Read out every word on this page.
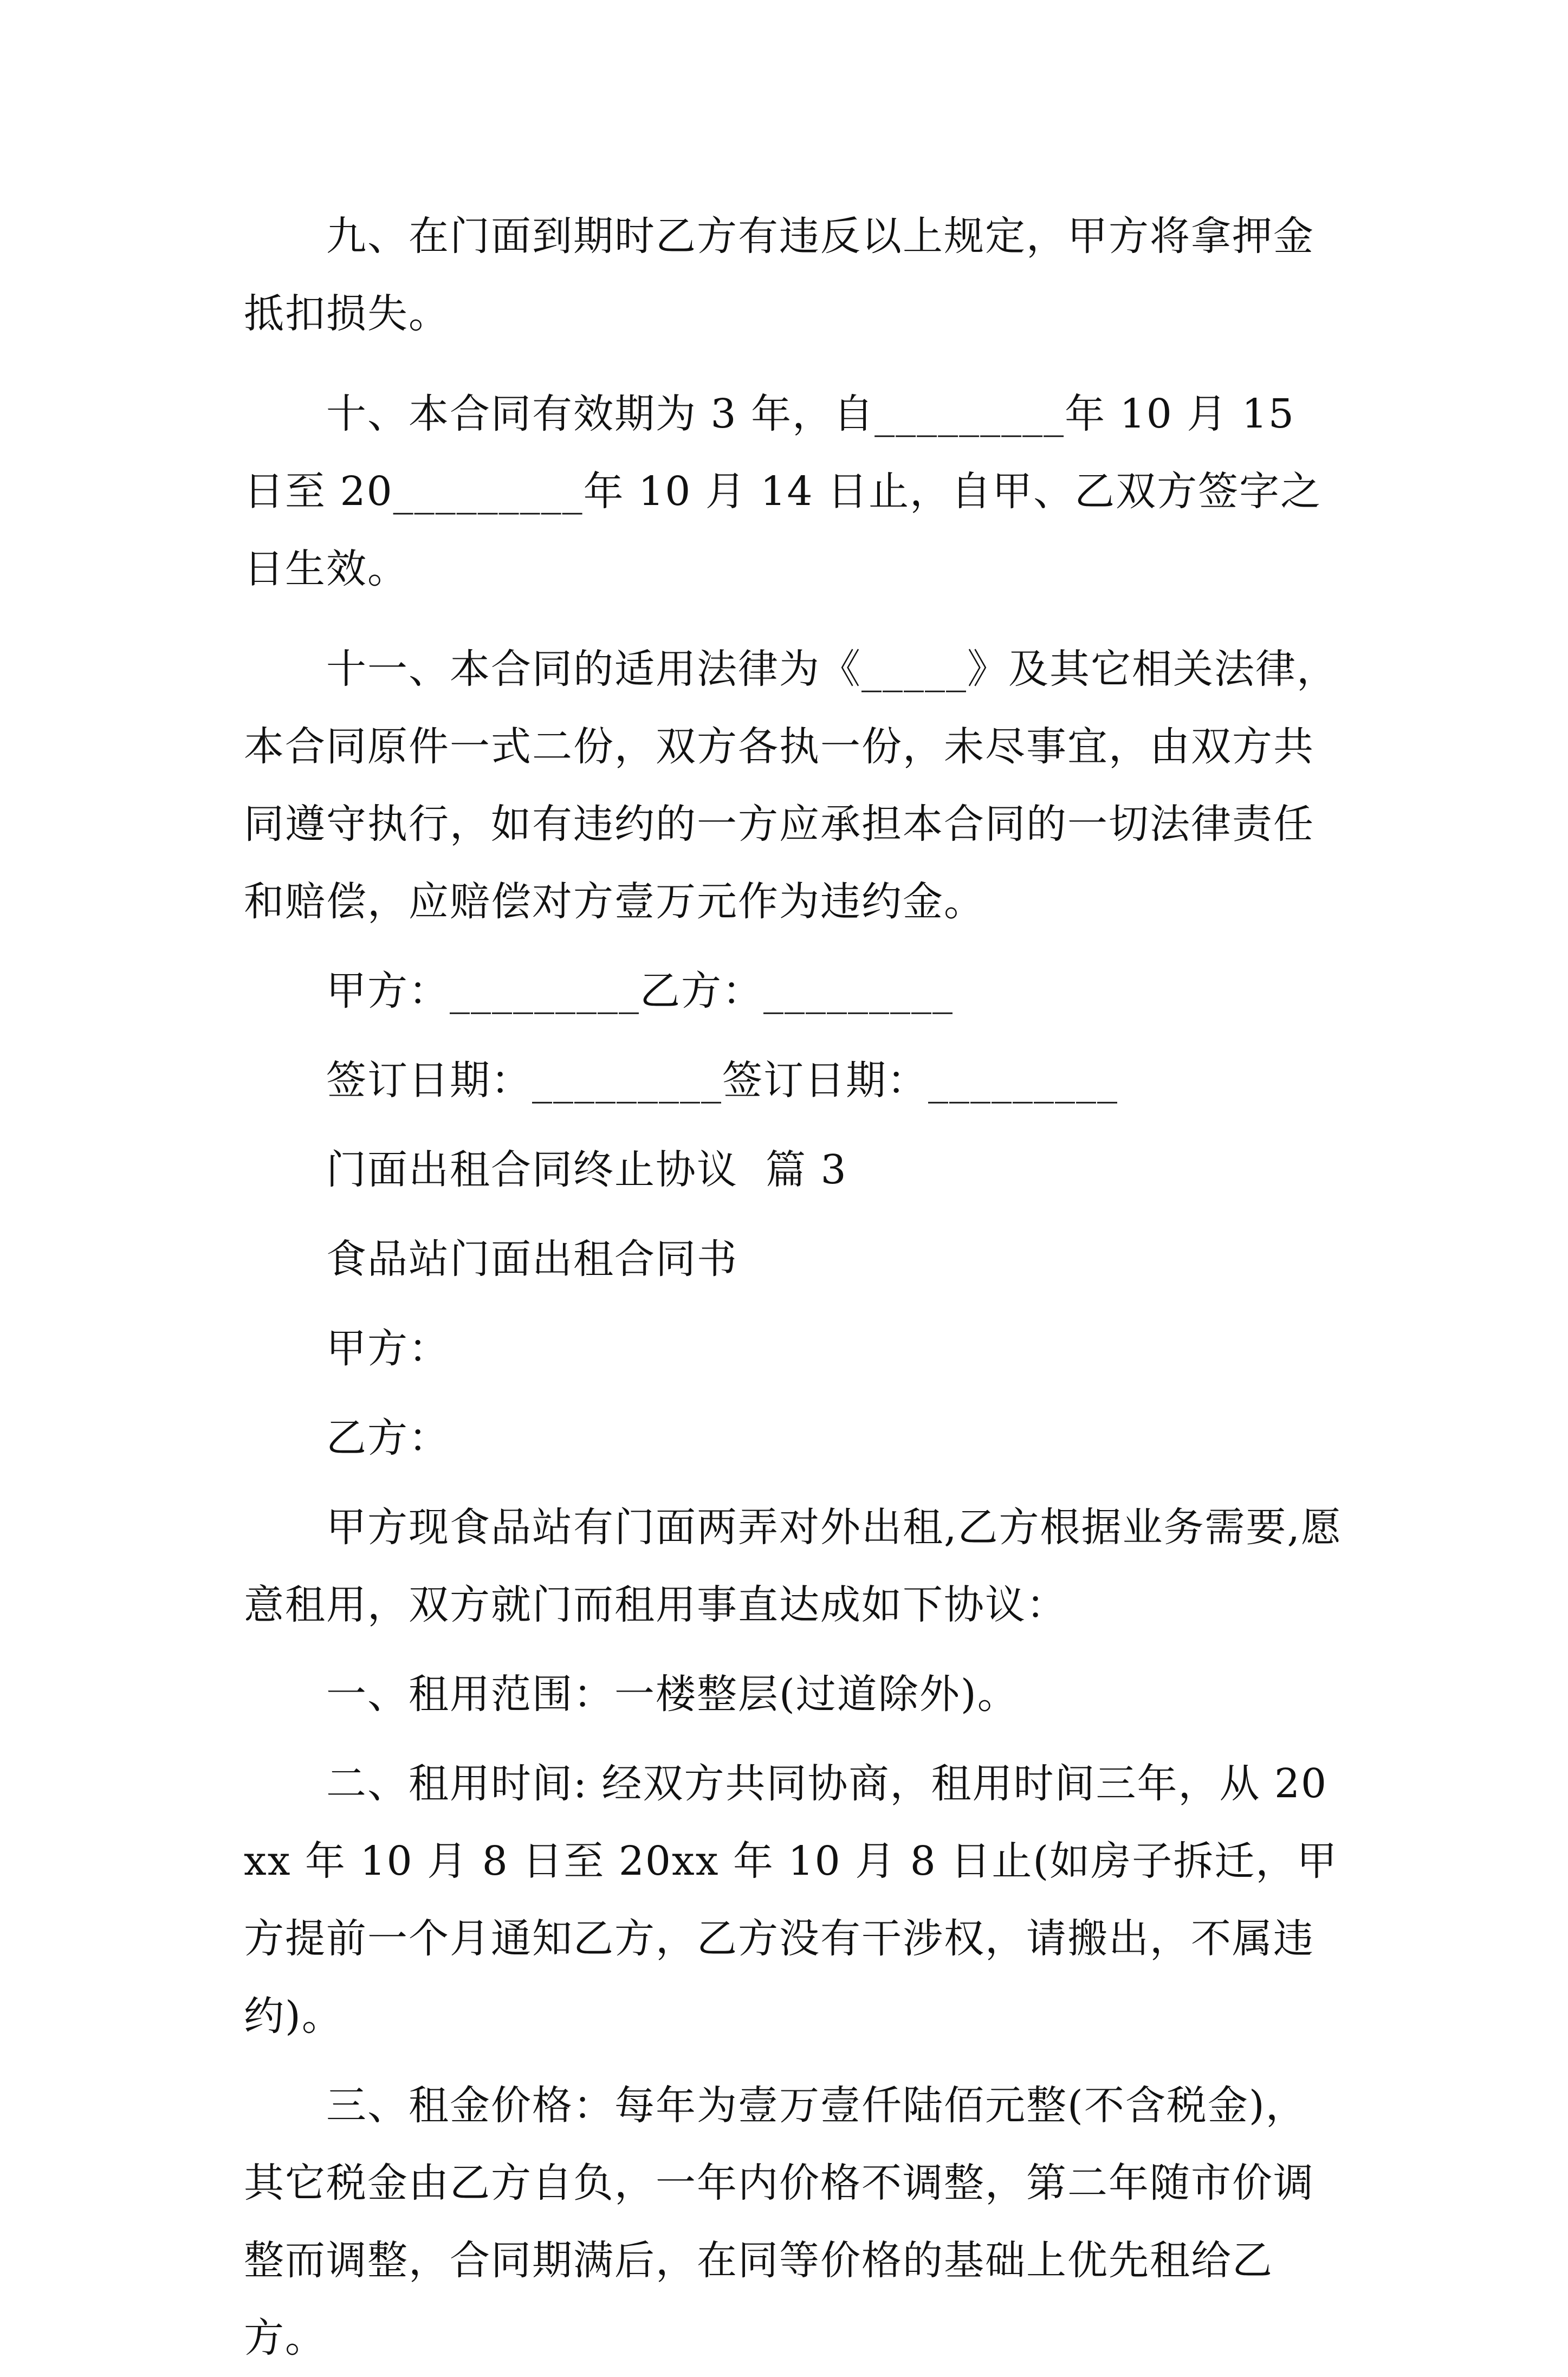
九、在门面到期时乙方有违反以上规定，甲方将拿押金抵扣损失。

十、本合同有效期为 3 年，自_________年 10 月 15 日至 20_________年 10 月 14 日止，自甲、乙双方签字之日生效。

十一、本合同的适用法律为《_____》及其它相关法律，本合同原件一式二份，双方各执一份，未尽事宜，由双方共同遵守执行，如有违约的一方应承担本合同的一切法律责任和赔偿，应赔偿对方壹万元作为违约金。

甲方：_________乙方：_________

签订日期：_________签订日期：_________

门面出租合同终止协议  篇 3

食品站门面出租合同书

甲方：

乙方：

甲方现食品站有门面两弄对外出租,乙方根据业务需要,愿意租用，双方就门而租用事直达成如下协议：

一、租用范围：一楼整层(过道除外)。

二、租用时间: 经双方共同协商，租用时间三年，从 20xx 年 10 月 8 日至 20xx 年 10 月 8 日止(如房子拆迁，甲方提前一个月通知乙方，乙方没有干涉权，请搬出，不属违约)。

三、租金价格：每年为壹万壹仟陆佰元整(不含税金)，其它税金由乙方自负，一年内价格不调整，第二年随市价调整而调整，合同期满后，在同等价格的基础上优先租给乙方。
